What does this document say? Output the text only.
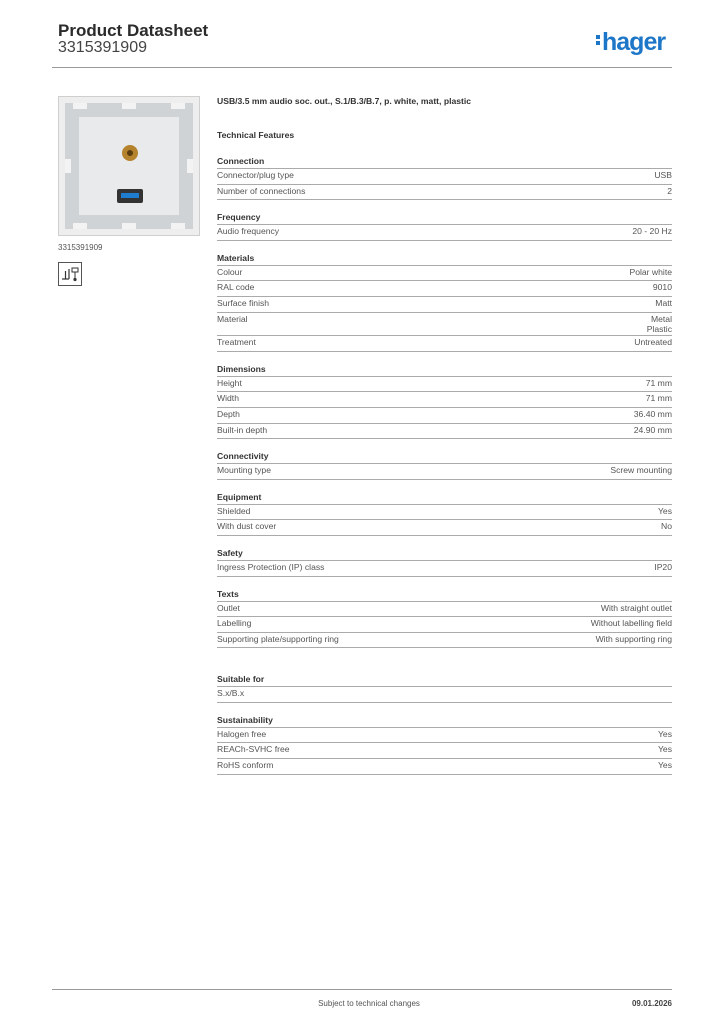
Product Datasheet
3315391909	hager
3315391909
USB/3.5 mm audio soc. out., S.1/B.3/B.7, p. white, matt, plastic
Technical Features
Connection
Connector/plug type	USB
Number of connections	2
Frequency
Audio frequency	20 - 20 Hz
Materials
Colour	Polar white
RAL code	9010
Surface finish	Matt
Material	Metal
Plastic
Treatment	Untreated
Dimensions
Height	71 mm
Width	71 mm
Depth	36.40 mm
Built-in depth	24.90 mm
Connectivity
Mounting type	Screw mounting
Equipment
Shielded	Yes
With dust cover	No
Safety
Ingress Protection (IP) class	IP20
Texts
Outlet	With straight outlet
Labelling	Without labelling field
Supporting plate/supporting ring	With supporting ring
Suitable for
S.x/B.x
Sustainability
Halogen free	Yes
REACh-SVHC free	Yes
RoHS conform	Yes
Subject to technical changes	09.01.2026
